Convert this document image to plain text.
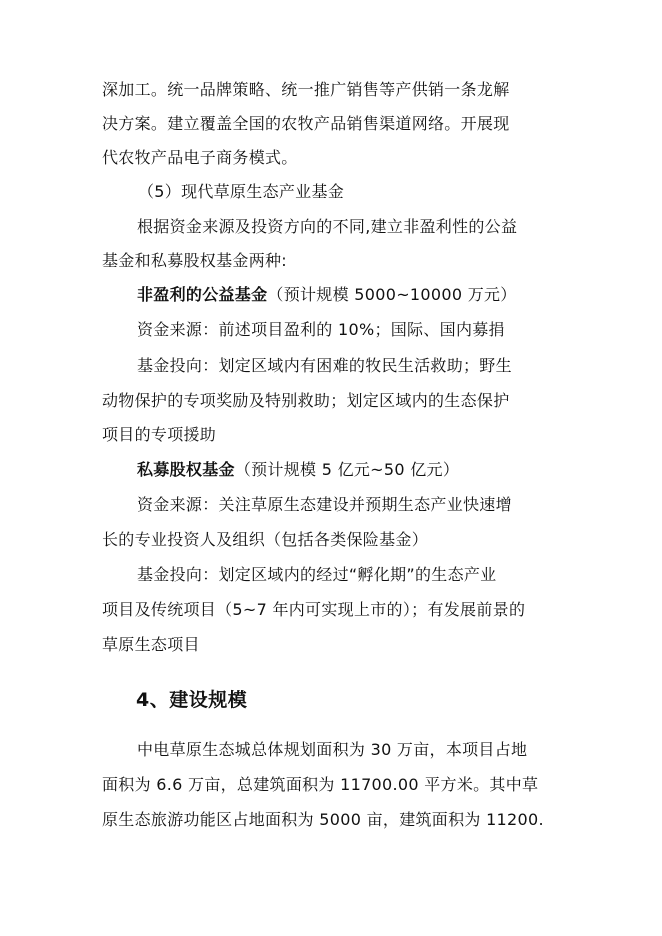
深加工。统一品牌策略、统一推广销售等产供销一条龙解
决方案。建立覆盖全国的农牧产品销售渠道网络。开展现
代农牧产品电子商务模式。
（5）现代草原生态产业基金
根据资金来源及投资方向的不同,建立非盈利性的公益
基金和私募股权基金两种:
非盈利的公益基金（预计规模 5000~10000 万元）
资金来源：前述项目盈利的 10%；国际、国内募捐
基金投向：划定区域内有困难的牧民生活救助；野生
动物保护的专项奖励及特别救助；划定区域内的生态保护
项目的专项援助
私募股权基金（预计规模 5 亿元~50 亿元）
资金来源：关注草原生态建设并预期生态产业快速增
长的专业投资人及组织（包括各类保险基金）
基金投向：划定区域内的经过“孵化期”的生态产业
项目及传统项目（5~7 年内可实现上市的）；有发展前景的
草原生态项目
4、建设规模
中电草原生态城总体规划面积为 30 万亩，本项目占地
面积为 6.6 万亩，总建筑面积为 11700.00 平方米。其中草
原生态旅游功能区占地面积为 5000 亩，建筑面积为 11200.
